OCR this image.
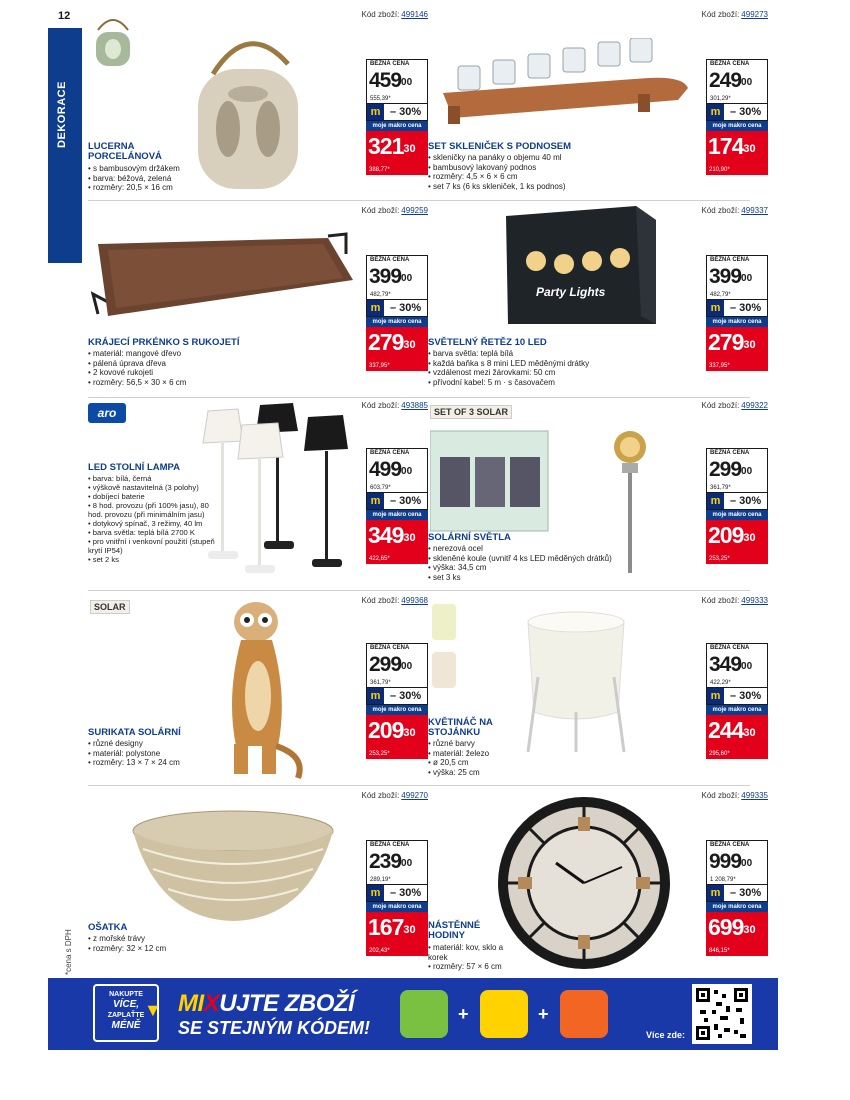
12
DEKORACE
*cena s DPH
Kód zboží: 499146
LUCERNA PORCELÁNOVÁ
• s bambusovým držákem
• barva: béžová, zelená
• rozměry: 20,5 × 16 cm
BĚŽNÁ CENA
$459^{00}$
555,39*
m – 30%
moje makro cena
$321^{30}$
388,77*
Kód zboží: 499273
SET SKLENIČEK S PODNOSEM
• skleničky na panáky o objemu 40 ml
• bambusový lakovaný podnos
• rozměry: 4,5 × 6 × 6 cm
• set 7 ks (6 ks skleniček, 1 ks podnos)
BĚŽNÁ CENA
$249^{00}$
301,29*
m – 30%
moje makro cena
$174^{30}$
210,90*
Kód zboží: 499259
KRÁJECÍ PRKÉNKO S RUKOJETÍ
• materiál: mangové dřevo
• pálená úprava dřeva
• 2 kovové rukojeti
• rozměry: 56,5 × 30 × 6 cm
BĚŽNÁ CENA
$399^{00}$
482,79*
m – 30%
moje makro cena
$279^{30}$
337,95*
Kód zboží: 499337
Party Lights
SVĚTELNÝ ŘETĚZ 10 LED
• barva světla: teplá bílá
• každá baňka s 8 mini LED měděnými drátky
• vzdálenost mezi žárovkami: 50 cm
• přívodní kabel: 5 m · s časovačem
BĚŽNÁ CENA
$399^{00}$
482,79*
m – 30%
moje makro cena
$279^{30}$
337,95*
aro
Kód zboží: 493885
LED STOLNÍ LAMPA
• barva: bílá, černá
• výškově nastavitelná (3 polohy)
• dobíjecí baterie
• 8 hod. provozu (při 100% jasu), 80 hod. provozu (při minimálním jasu)
• dotykový spínač, 3 režimy, 40 lm
• barva světla: teplá bílá 2700 K
• pro vnitřní i venkovní použití (stupeň krytí IP54)
• set 2 ks
BĚŽNÁ CENA
$499^{00}$
603,79*
m – 30%
moje makro cena
$349^{30}$
422,65*
SET OF 3 SOLAR
Kód zboží: 499322
SOLÁRNÍ SVĚTLA
• nerezová ocel
• skleněné koule (uvnitř 4 ks LED měděných drátků)
• výška: 34,5 cm
• set 3 ks
BĚŽNÁ CENA
$299^{00}$
361,79*
m – 30%
moje makro cena
$209^{30}$
253,25*
SOLAR
Kód zboží: 499368
SURIKATA SOLÁRNÍ
• různé designy
• materiál: polystone
• rozměry: 13 × 7 × 24 cm
BĚŽNÁ CENA
$299^{00}$
361,79*
m – 30%
moje makro cena
$209^{30}$
253,25*
Kód zboží: 499333
KVĚTINÁČ NA STOJÁNKU
• různé barvy
• materiál: železo
• ø 20,5 cm
• výška: 25 cm
BĚŽNÁ CENA
$349^{00}$
422,29*
m – 30%
moje makro cena
$244^{30}$
295,60*
Kód zboží: 499270
OŠATKA
• z mořské trávy
• rozměry: 32 × 12 cm
BĚŽNÁ CENA
$239^{00}$
289,19*
m – 30%
moje makro cena
$167^{30}$
202,43*
Kód zboží: 499335
NÁSTĚNNÉ HODINY
• materiál: kov, sklo a korek
• rozměry: 57 × 6 cm
BĚŽNÁ CENA
$999^{00}$
1 208,79*
m – 30%
moje makro cena
$699^{30}$
846,15*
NAKUPTE
VÍCE,
ZAPLAŤTE
MÉNĚ
▼ MIXUJTE ZBOŽÍ
SE STEJNÝM KÓDEM!
+	+
Více zde:
